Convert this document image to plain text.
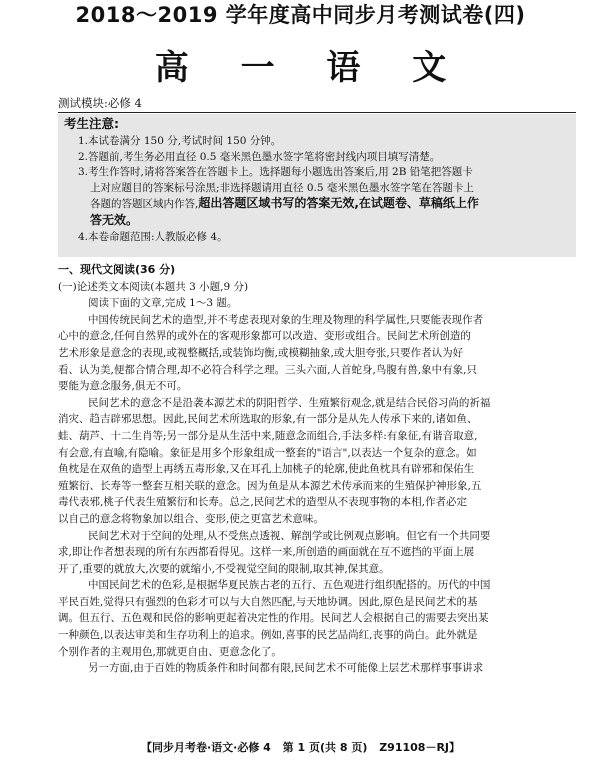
2018～2019 学年度高中同步月考测试卷(四)
高 一 语 文
测试模块:必修 4
考生注意:

1.本试卷满分 150 分,考试时间 150 分钟。

2.答题前,考生务必用直径 0.5 毫米黑色墨水签字笔将密封线内项目填写清楚。

3.考生作答时,请将答案答在答题卡上。选择题每小题选出答案后,用 2B 铅笔把答题卡

上对应题目的答案标号涂黑;非选择题请用直径 0.5 毫米黑色墨水签字笔在答题卡上

各题的答题区域内作答,超出答题区域书写的答案无效,在试题卷、草稿纸上作

答无效。

4.本卷命题范围:人教版必修 4。

一、现代文阅读(36 分)

(一)论述类文本阅读(本题共 3 小题,9 分)

阅读下面的文章,完成 1～3 题。

中国传统民间艺术的造型,并不考虑表现对象的生理及物理的科学属性,只要能表现作者

心中的意念,任何自然界的或外在的客观形象都可以改造、变形或组合。民间艺术所创造的

艺术形象是意念的表现,或视整概括,或装饰均衡,或模糊抽象,或大胆夸张,只要作者认为好

看、认为美,便都合情合理,却不必符合科学之理。三头六面,人首蛇身,鸟腹有兽,象中有象,只

要能为意念服务,俱无不可。

民间艺术的意念不是沿袭本源艺术的阴阳哲学、生殖繁衍观念,就是结合民俗习尚的祈福

消灾、趋吉辟邪思想。因此,民间艺术所选取的形象,有一部分是从先人传承下来的,诸如鱼、

蛙、葫芦、十二生肖等;另一部分是从生活中来,随意念而组合,手法多样:有象征,有谐音取意,

有会意,有直喻,有隐喻。象征是用多个形象组成一整套的"语言",以表达一个复杂的意念。如

鱼枕是在双鱼的造型上再绣五毒形象,又在耳孔上加桃子的轮廓,使此鱼枕具有辟邪和保佑生

殖繁衍、长寿等一整套互相关联的意念。因为鱼是从本源艺术传承而来的生殖保护神形象,五

毒代表邪,桃子代表生殖繁衍和长寿。总之,民间艺术的造型从不表现事物的本相,作者必定

以自己的意念将物象加以组合、变形,使之更富艺术意味。

民间艺术对于空间的处理,从不受焦点透视、解剖学或比例观点影响。但它有一个共同要

求,即让作者想表现的所有东西都看得见。这样一来,所创造的画面就在互不遮挡的平面上展

开了,重要的就放大,次要的就缩小,不受视觉空间的限制,取其神,保其意。

中国民间艺术的色彩,是根据华夏民族古老的五行、五色观进行组织配搭的。历代的中国

平民百姓,觉得只有强烈的色彩才可以与大自然匹配,与天地协调。因此,原色是民间艺术的基

调。但五行、五色观和民俗的影响更起着决定性的作用。民间艺人会根据自己的需要去突出某

一种颜色,以表达审美和生存功利上的追求。例如,喜事的民艺品尚红,丧事的尚白。此外就是

个别作者的主观用色,那就更自由、更意念化了。

另一方面,由于百姓的物质条件和时间都有限,民间艺术不可能像上层艺术那样事事讲求

【同步月考卷·语文·必修 4 第 1 页(共 8 页) Z91108－RJ】
